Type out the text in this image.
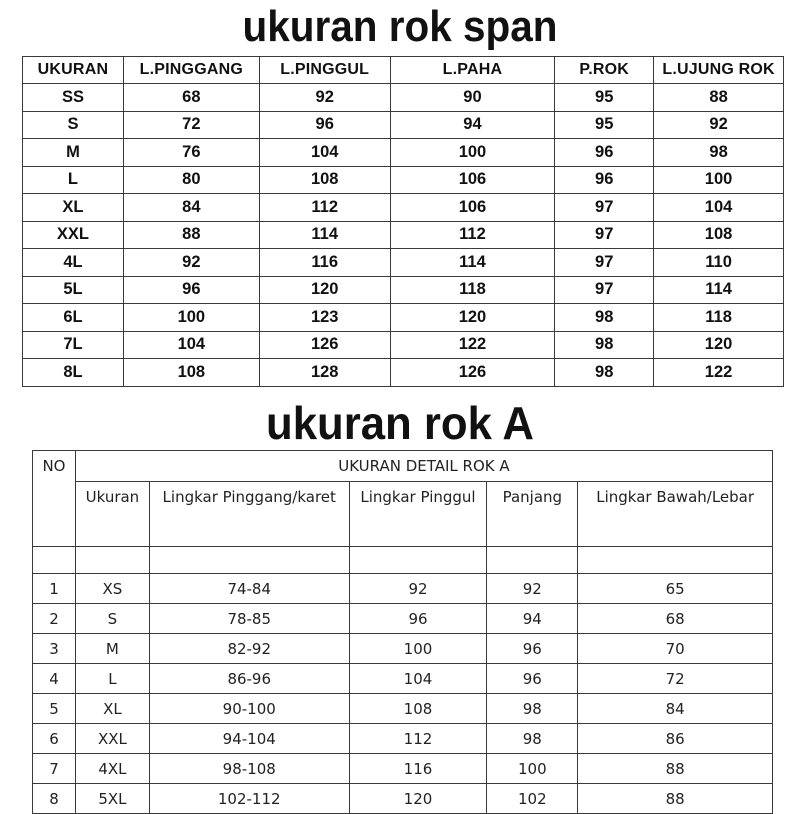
ukuran rok span
UKURAN	L.PINGGANG	L.PINGGUL	L.PAHA	P.ROK	L.UJUNG ROK
SS	68	92	90	95	88
S	72	96	94	95	92
M	76	104	100	96	98
L	80	108	106	96	100
XL	84	112	106	97	104
XXL	88	114	112	97	108
4L	92	116	114	97	110
5L	96	120	118	97	114
6L	100	123	120	98	118
7L	104	126	122	98	120
8L	108	128	126	98	122
ukuran rok A
NO	UKURAN DETAIL ROK A				
	Ukuran	Lingkar Pinggang/karet	Lingkar Pinggul	Panjang	Lingkar Bawah/Lebar

1	XS	74-84	92	92	65
2	S	78-85	96	94	68
3	M	82-92	100	96	70
4	L	86-96	104	96	72
5	XL	90-100	108	98	84
6	XXL	94-104	112	98	86
7	4XL	98-108	116	100	88
8	5XL	102-112	120	102	88
